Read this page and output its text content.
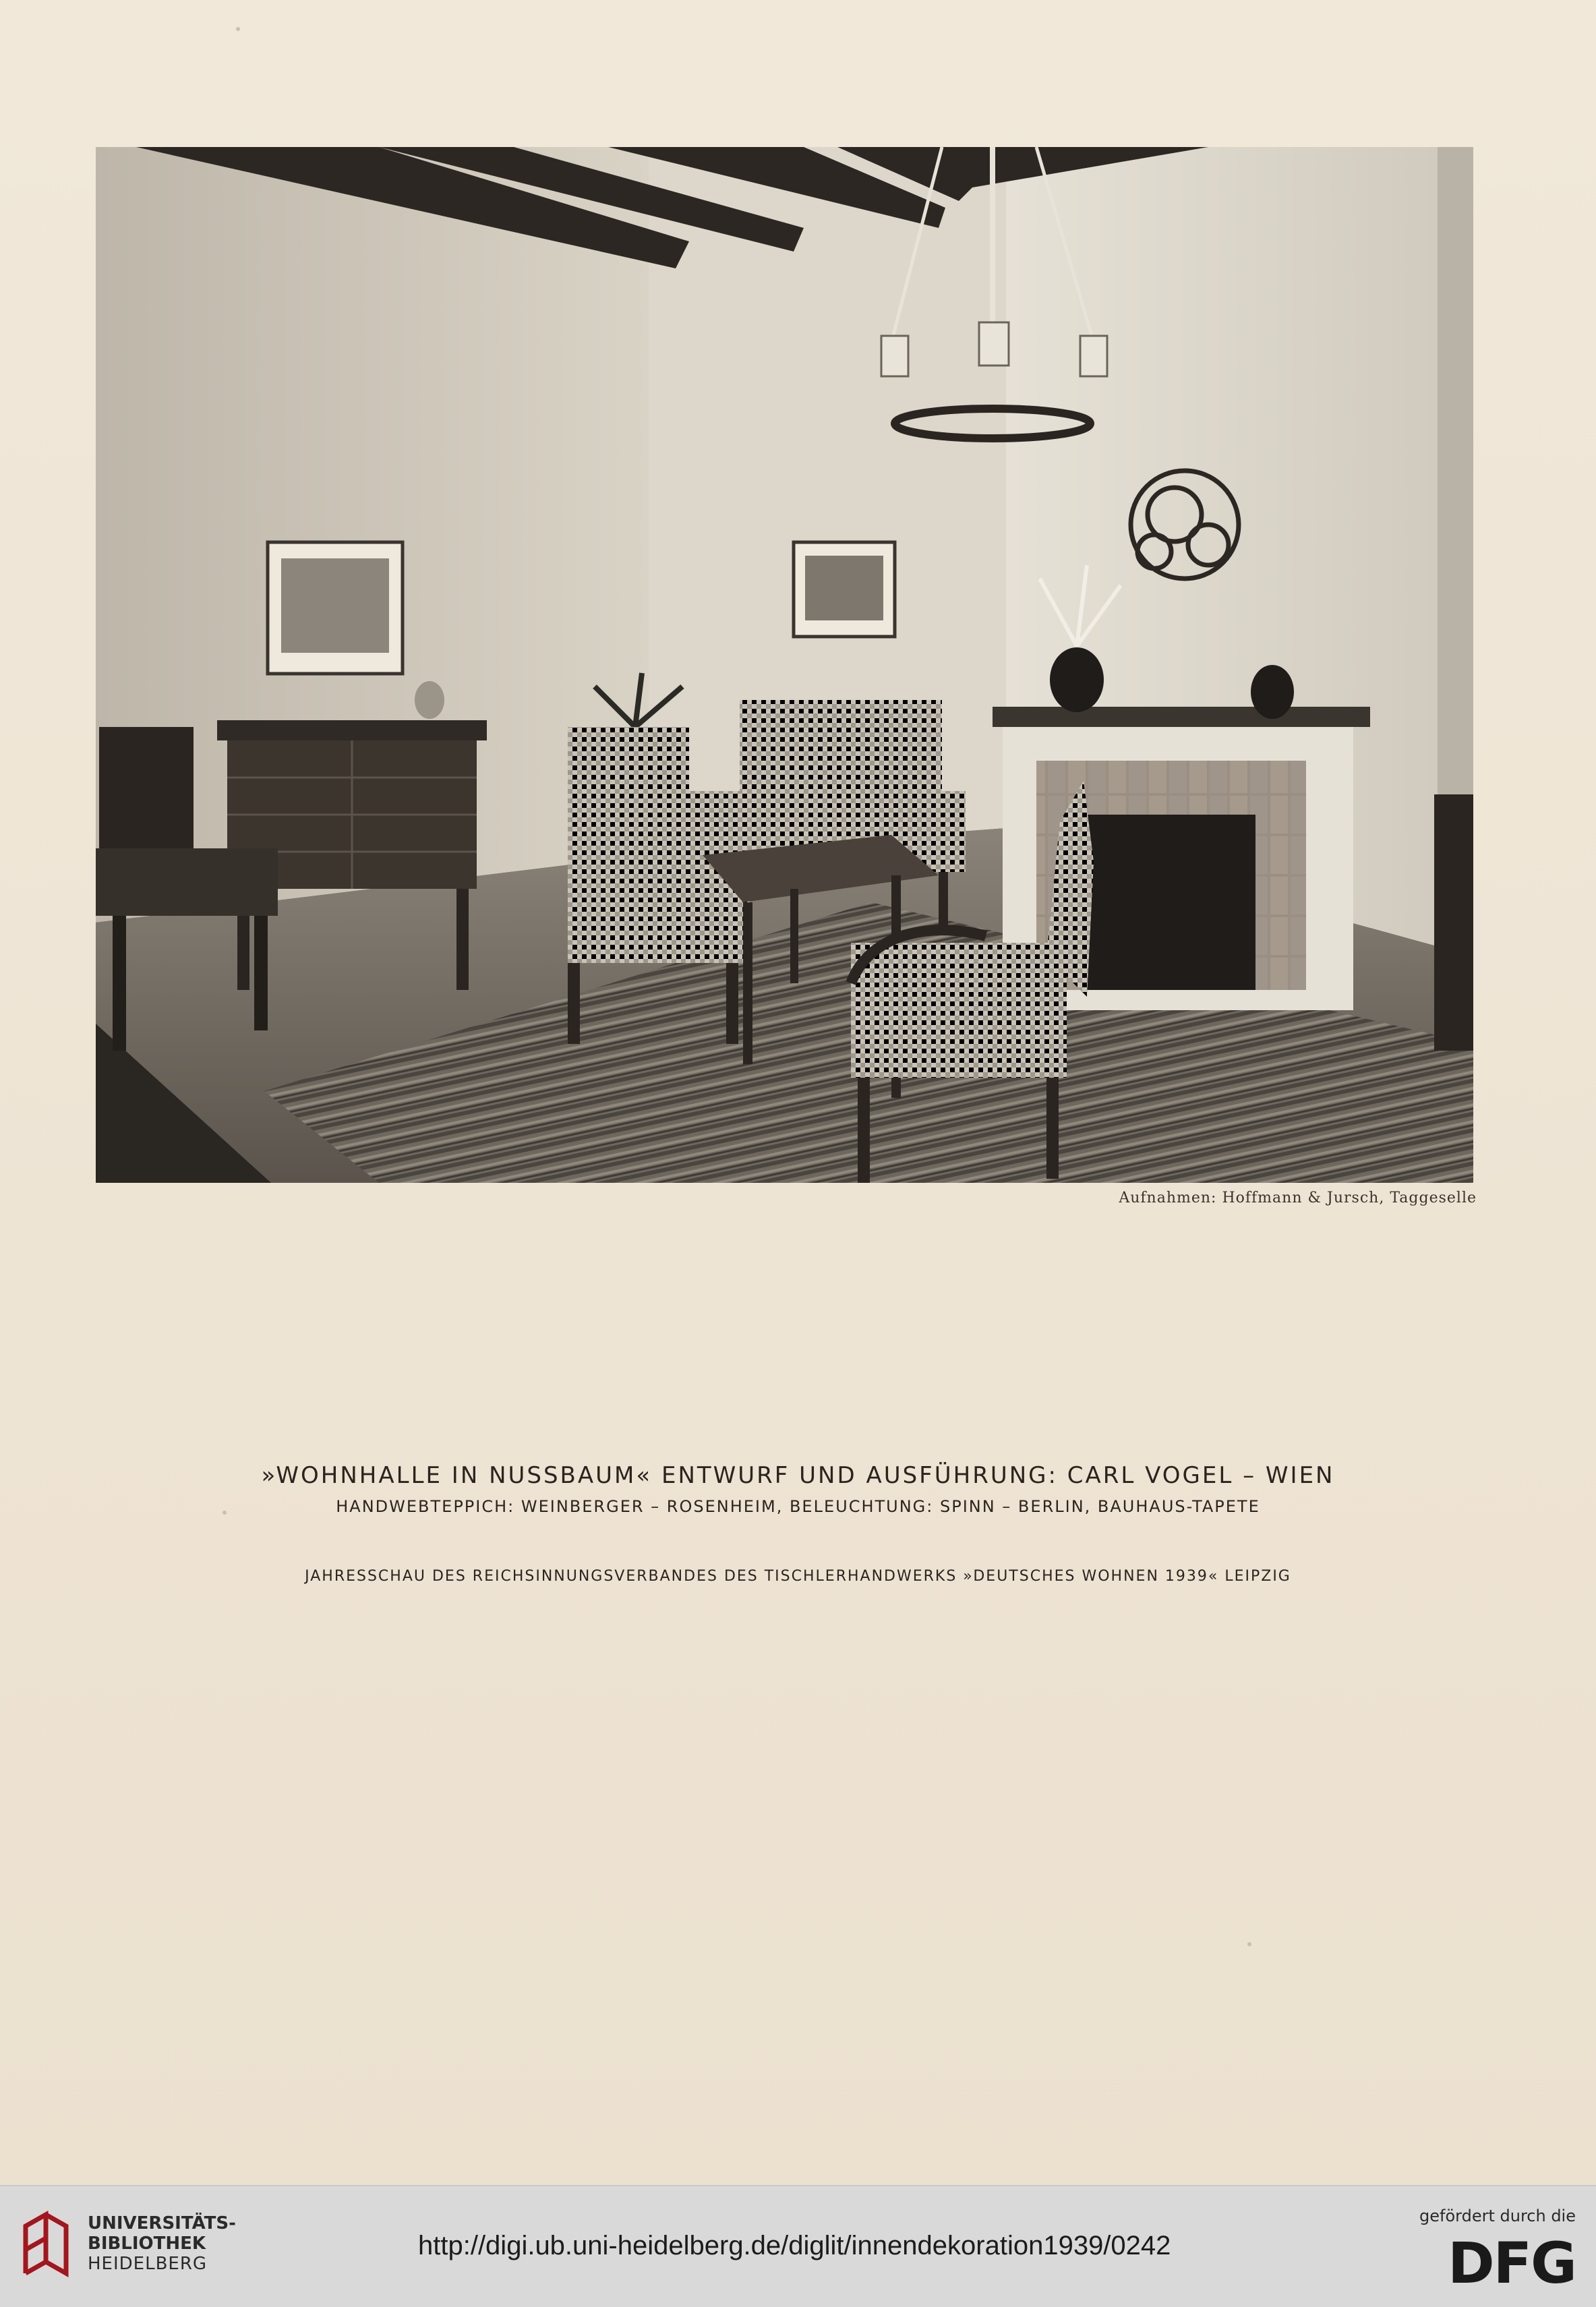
Aufnahmen: Hoffmann & Jursch, Taggeselle
»WOHNHALLE IN NUSSBAUM« ENTWURF UND AUSFÜHRUNG: CARL VOGEL – WIEN
HANDWEBTEPPICH: WEINBERGER – ROSENHEIM, BELEUCHTUNG: SPINN – BERLIN, BAUHAUS-TAPETE
JAHRESSCHAU DES REICHSINNUNGSVERBANDES DES TISCHLERHANDWERKS »DEUTSCHES WOHNEN 1939« LEIPZIG
UNIVERSITÄTS-
BIBLIOTHEK
HEIDELBERG
http://digi.ub.uni-heidelberg.de/diglit/innendekoration1939/0242
gefördert durch die
DFG
